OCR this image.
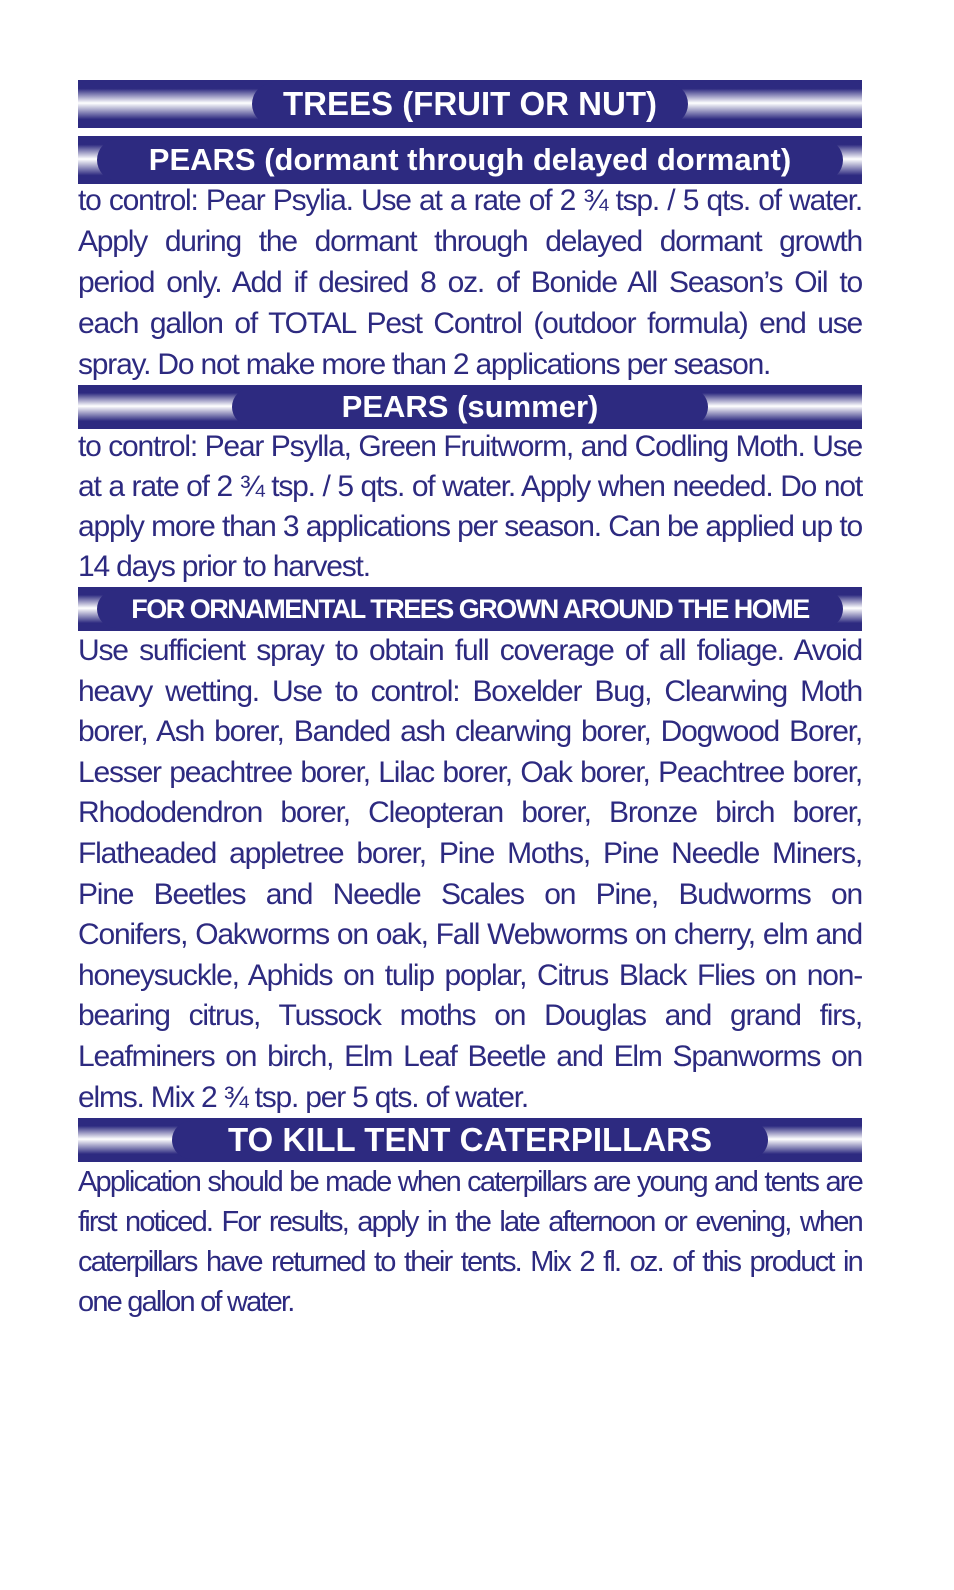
TREES (FRUIT OR NUT)
PEARS (dormant through delayed dormant)

to control: Pear Psylia. Use at a rate of 2 ¾ tsp. / 5 qts. of water. Apply during the dormant through delayed dormant growth period only. Add if desired 8 oz. of Bonide All Season’s Oil to each gallon of TOTAL Pest Control (outdoor formula) end use spray. Do not make more than 2 applications per season.

PEARS (summer)

to control: Pear Psylla, Green Fruitworm, and Codling Moth. Use at a rate of 2 ¾ tsp. / 5 qts. of water. Apply when needed. Do not apply more than 3 applications per season. Can be applied up to 14 days prior to harvest.

FOR ORNAMENTAL TREES GROWN AROUND THE HOME

Use sufficient spray to obtain full coverage of all foliage. Avoid heavy wetting. Use to control: Boxelder Bug, Clearwing Moth borer, Ash borer, Banded ash clearwing borer, Dogwood Borer, Lesser peachtree borer, Lilac borer, Oak borer, Peachtree borer, Rhododendron borer, Cleopteran borer, Bronze birch borer, Flatheaded appletree borer, Pine Moths, Pine Needle Miners, Pine Beetles and Needle Scales on Pine, Budworms on Conifers, Oakworms on oak, Fall Webworms on cherry, elm and honeysuckle, Aphids on tulip poplar, Citrus Black Flies on non-bearing citrus, Tussock moths on Douglas and grand firs, Leafminers on birch, Elm Leaf Beetle and Elm Spanworms on elms. Mix 2 ¾ tsp. per 5 qts. of water.

TO KILL TENT CATERPILLARS

Application should be made when caterpillars are young and tents are first noticed. For results, apply in the late afternoon or evening, when caterpillars have returned to their tents. Mix 2 fl. oz. of this product in one gallon of water.
